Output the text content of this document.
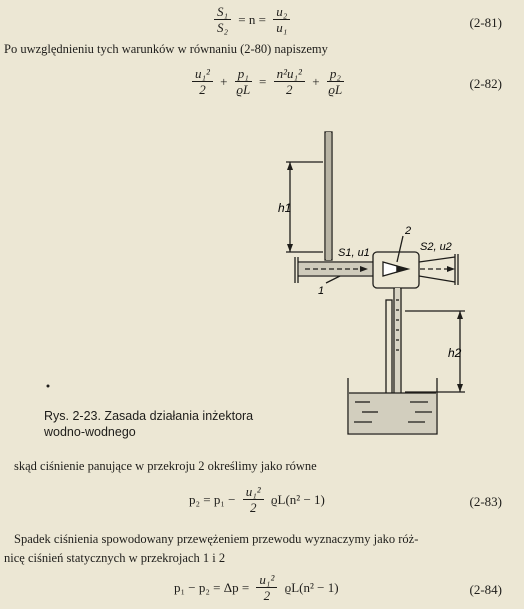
$\frac{\text{S₁}}{\text{S₂}} = n = \frac{\text{u₂}}{\text{u₁}}$	(2-81)
Po uwzględnieniu tych warunków w równaniu (2-80) napiszemy
$\frac{\text{u₁²}}{2} + \frac{\text{p₁}}{ϱL} = \frac{\text{n²u₁²}}{2} + \frac{\text{p₂}}{ϱL}$	(2-82)
h1
h2
S1, u1	S2, u2
1
2
Rys. 2-23. Zasada działania inżektora
wodno-wodnego
skąd ciśnienie panujące w przekroju 2 określimy jako równe
$p_2 = p_1 - \frac{\text{u₁²}}{2} ϱL(n^2 - 1)$	(2-83)
Spadek ciśnienia spowodowany przewężeniem przewodu wyznaczymy jako róż-
nicę ciśnień statycznych w przekrojach 1 i 2
$p_1 - p_2 = \Delta p = \frac{\text{u₁²}}{2} ϱL(n^2 - 1)$	(2-84)
